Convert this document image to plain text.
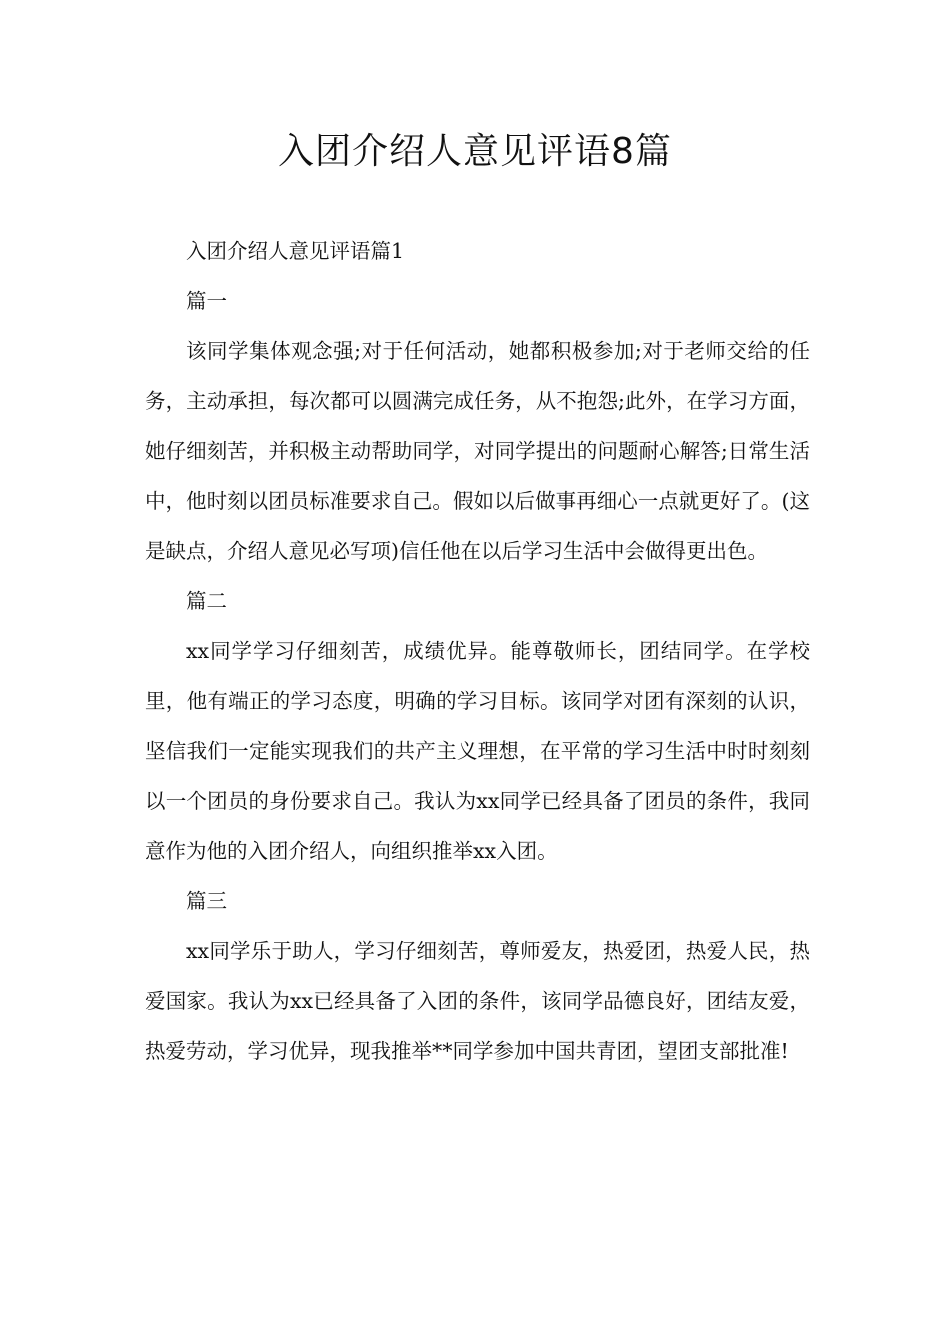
入团介绍人意见评语8篇

入团介绍人意见评语篇1

篇一

该同学集体观念强;对于任何活动，她都积极参加;对于老师交给的任务，主动承担，每次都可以圆满完成任务，从不抱怨;此外，在学习方面，她仔细刻苦，并积极主动帮助同学，对同学提出的问题耐心解答;日常生活中，他时刻以团员标准要求自己。假如以后做事再细心一点就更好了。(这是缺点，介绍人意见必写项)信任他在以后学习生活中会做得更出色。

篇二

xx同学学习仔细刻苦，成绩优异。能尊敬师长，团结同学。在学校里，他有端正的学习态度，明确的学习目标。该同学对团有深刻的认识，坚信我们一定能实现我们的共产主义理想，在平常的学习生活中时时刻刻以一个团员的身份要求自己。我认为xx同学已经具备了团员的条件，我同意作为他的入团介绍人，向组织推举xx入团。

篇三

xx同学乐于助人，学习仔细刻苦，尊师爱友，热爱团，热爱人民，热爱国家。我认为xx已经具备了入团的条件，该同学品德良好，团结友爱，热爱劳动，学习优异，现我推举**同学参加中国共青团，望团支部批准!
